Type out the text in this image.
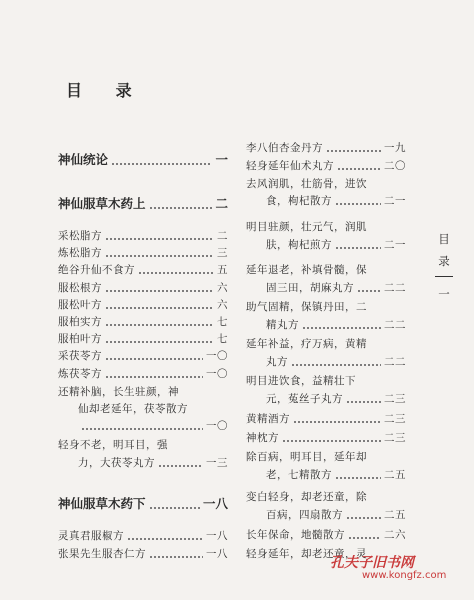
目 录
神仙统论	一
神仙服草木药上	二
采松脂方	二
炼松脂方	三
绝谷升仙不食方	五
服松根方	六
服松叶方	六
服柏实方	七
服柏叶方	七
采茯苓方	一〇
炼茯苓方	一〇
还精补脑，长生驻颜，神
仙却老延年，茯苓散方
一〇
轻身不老，明耳目，强
力，大茯苓丸方	一三
神仙服草木药下	一八
灵真君服椒方	一八
张果先生服杏仁方	一八
李八伯杏金丹方	一九
轻身延年仙术丸方	二〇
去风润肌，壮筋骨，进饮
食，枸杞散方	二一
明目驻颜，壮元气，润肌
肤，枸杞煎方	二一
延年退老，补填骨髓，保
固三田，胡麻丸方	二二
助气固精，保镇丹田，二
精丸方	二二
延年补益，疗万病，黄精
丸方	二二
明目进饮食，益精壮下
元，菟丝子丸方	二三
黄精酒方	二三
神枕方	二三
除百病，明耳目，延年却
老，七精散方	二五
变白轻身，却老还童，除
百病，四扇散方	二五
长年保命，地髓散方	二六
轻身延年，却老还童，灵
目
录
一
孔夫子旧书网
www.kongfz.com
